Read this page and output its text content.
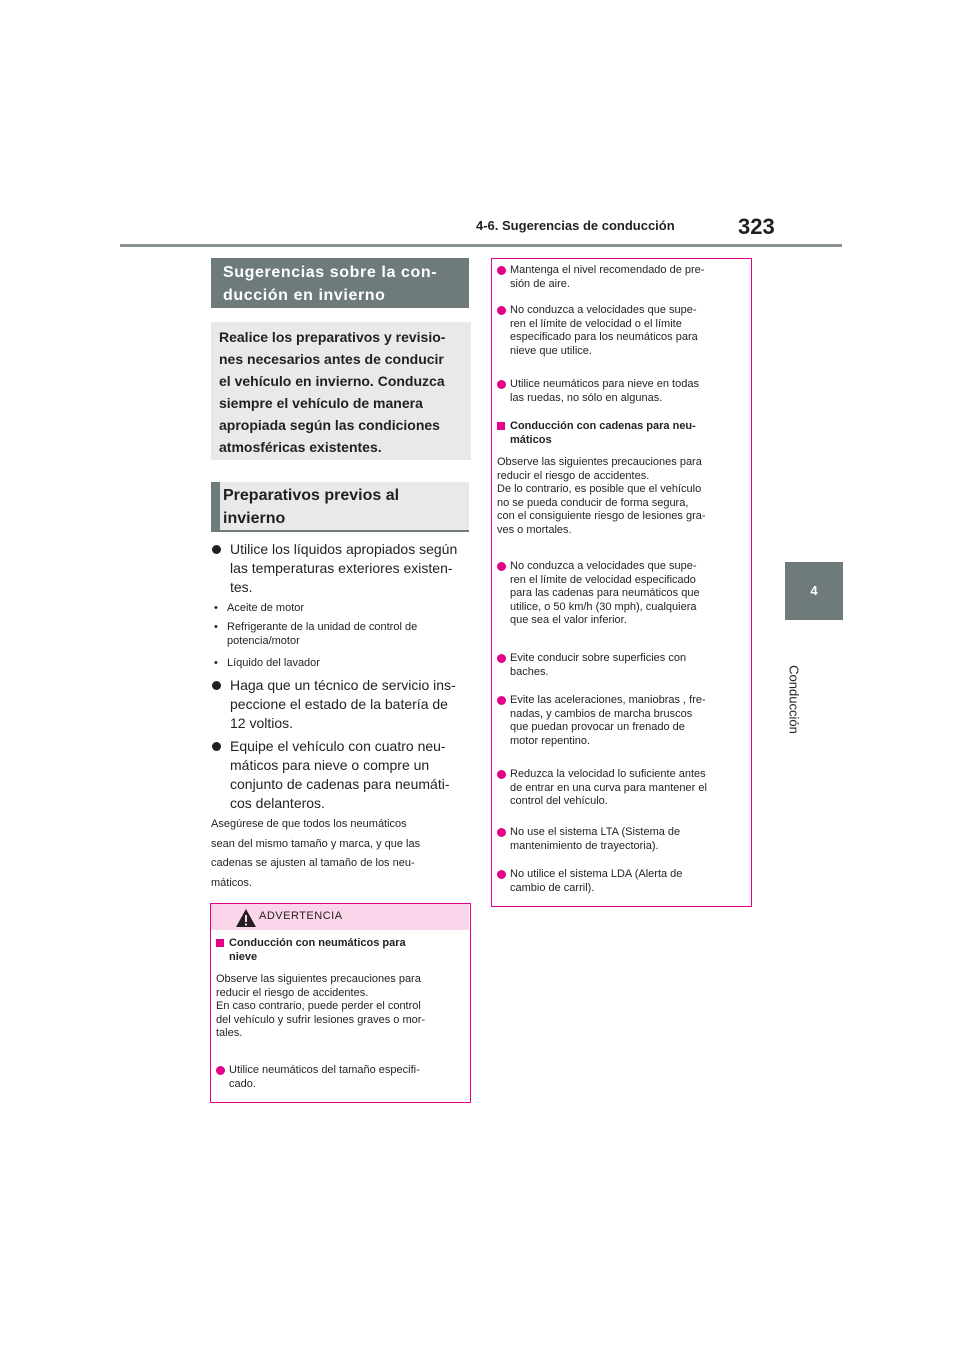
4-6. Sugerencias de conducción	323
4
Conducción
Sugerencias sobre la con-
ducción en invierno
Realice los preparativos y revisio-
nes necesarios antes de conducir
el vehículo en invierno. Conduzca
siempre el vehículo de manera
apropiada según las condiciones
atmosféricas existentes.
Preparativos previos al
invierno
Utilice los líquidos apropiados según
las temperaturas exteriores existen-
tes.
• Aceite de motor
• Refrigerante de la unidad de control de
potencia/motor
• Líquido del lavador
Haga que un técnico de servicio ins-
peccione el estado de la batería de
12 voltios.
Equipe el vehículo con cuatro neu-
máticos para nieve o compre un
conjunto de cadenas para neumáti-
cos delanteros.
Asegúrese de que todos los neumáticos
sean del mismo tamaño y marca, y que las
cadenas se ajusten al tamaño de los neu-
máticos.
ADVERTENCIA
Conducción con neumáticos para
nieve
Observe las siguientes precauciones para
reducir el riesgo de accidentes.
En caso contrario, puede perder el control
del vehículo y sufrir lesiones graves o mor-
tales.
Utilice neumáticos del tamaño especifi-
cado.
Mantenga el nivel recomendado de pre-
sión de aire.
No conduzca a velocidades que supe-
ren el límite de velocidad o el límite
especificado para los neumáticos para
nieve que utilice.
Utilice neumáticos para nieve en todas
las ruedas, no sólo en algunas.
Conducción con cadenas para neu-
máticos
Observe las siguientes precauciones para
reducir el riesgo de accidentes.
De lo contrario, es posible que el vehículo
no se pueda conducir de forma segura,
con el consiguiente riesgo de lesiones gra-
ves o mortales.
No conduzca a velocidades que supe-
ren el límite de velocidad especificado
para las cadenas para neumáticos que
utilice, o 50 km/h (30 mph), cualquiera
que sea el valor inferior.
Evite conducir sobre superficies con
baches.
Evite las aceleraciones, maniobras , fre-
nadas, y cambios de marcha bruscos
que puedan provocar un frenado de
motor repentino.
Reduzca la velocidad lo suficiente antes
de entrar en una curva para mantener el
control del vehículo.
No use el sistema LTA (Sistema de
mantenimiento de trayectoria).
No utilice el sistema LDA (Alerta de
cambio de carril).
